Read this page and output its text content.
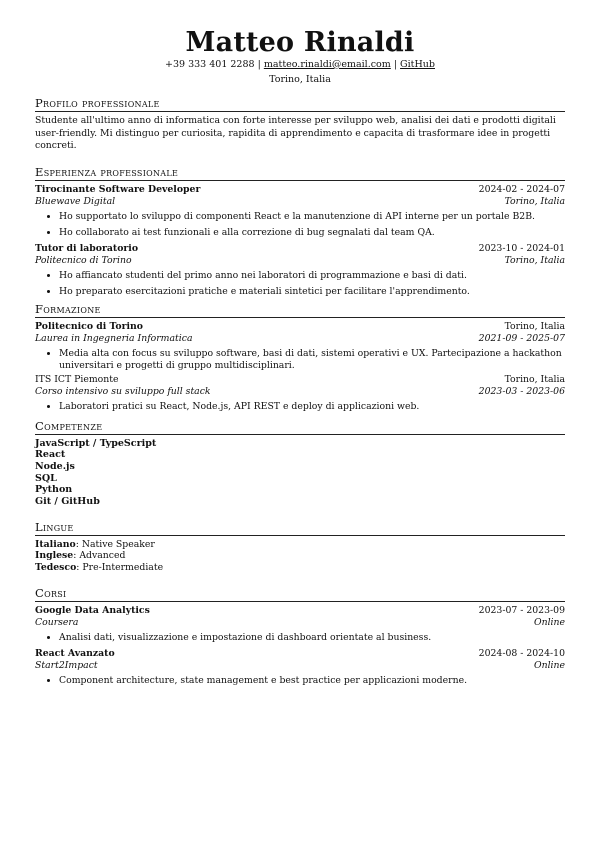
Matteo Rinaldi
+39 333 401 2288 | matteo.rinaldi@email.com | GitHub
Torino, Italia
Profilo professionale
Studente all'ultimo anno di informatica con forte interesse per sviluppo web, analisi dei dati e prodotti digitali user-friendly. Mi distinguo per curiosita, rapidita di apprendimento e capacita di trasformare idee in progetti concreti.
Esperienza professionale
Tirocinante Software Developer	2024-02 - 2024-07
Bluewave Digital	Torino, Italia
• Ho supportato lo sviluppo di componenti React e la manutenzione di API interne per un portale B2B.
• Ho collaborato ai test funzionali e alla correzione di bug segnalati dal team QA.
Tutor di laboratorio	2023-10 - 2024-01
Politecnico di Torino	Torino, Italia
• Ho affiancato studenti del primo anno nei laboratori di programmazione e basi di dati.
• Ho preparato esercitazioni pratiche e materiali sintetici per facilitare l'apprendimento.
Formazione
Politecnico di Torino	Torino, Italia
Laurea in Ingegneria Informatica	2021-09 - 2025-07
• Media alta con focus su sviluppo software, basi di dati, sistemi operativi e UX. Partecipazione a hackathon universitari e progetti di gruppo multidisciplinari.
ITS ICT Piemonte	Torino, Italia
Corso intensivo su sviluppo full stack	2023-03 - 2023-06
• Laboratori pratici su React, Node.js, API REST e deploy di applicazioni web.
Competenze
JavaScript / TypeScript
React
Node.js
SQL
Python
Git / GitHub
Lingue
Italiano: Native Speaker
Inglese: Advanced
Tedesco: Pre-Intermediate
Corsi
Google Data Analytics	2023-07 - 2023-09
Coursera	Online
• Analisi dati, visualizzazione e impostazione di dashboard orientate al business.
React Avanzato	2024-08 - 2024-10
Start2Impact	Online
• Component architecture, state management e best practice per applicazioni moderne.
